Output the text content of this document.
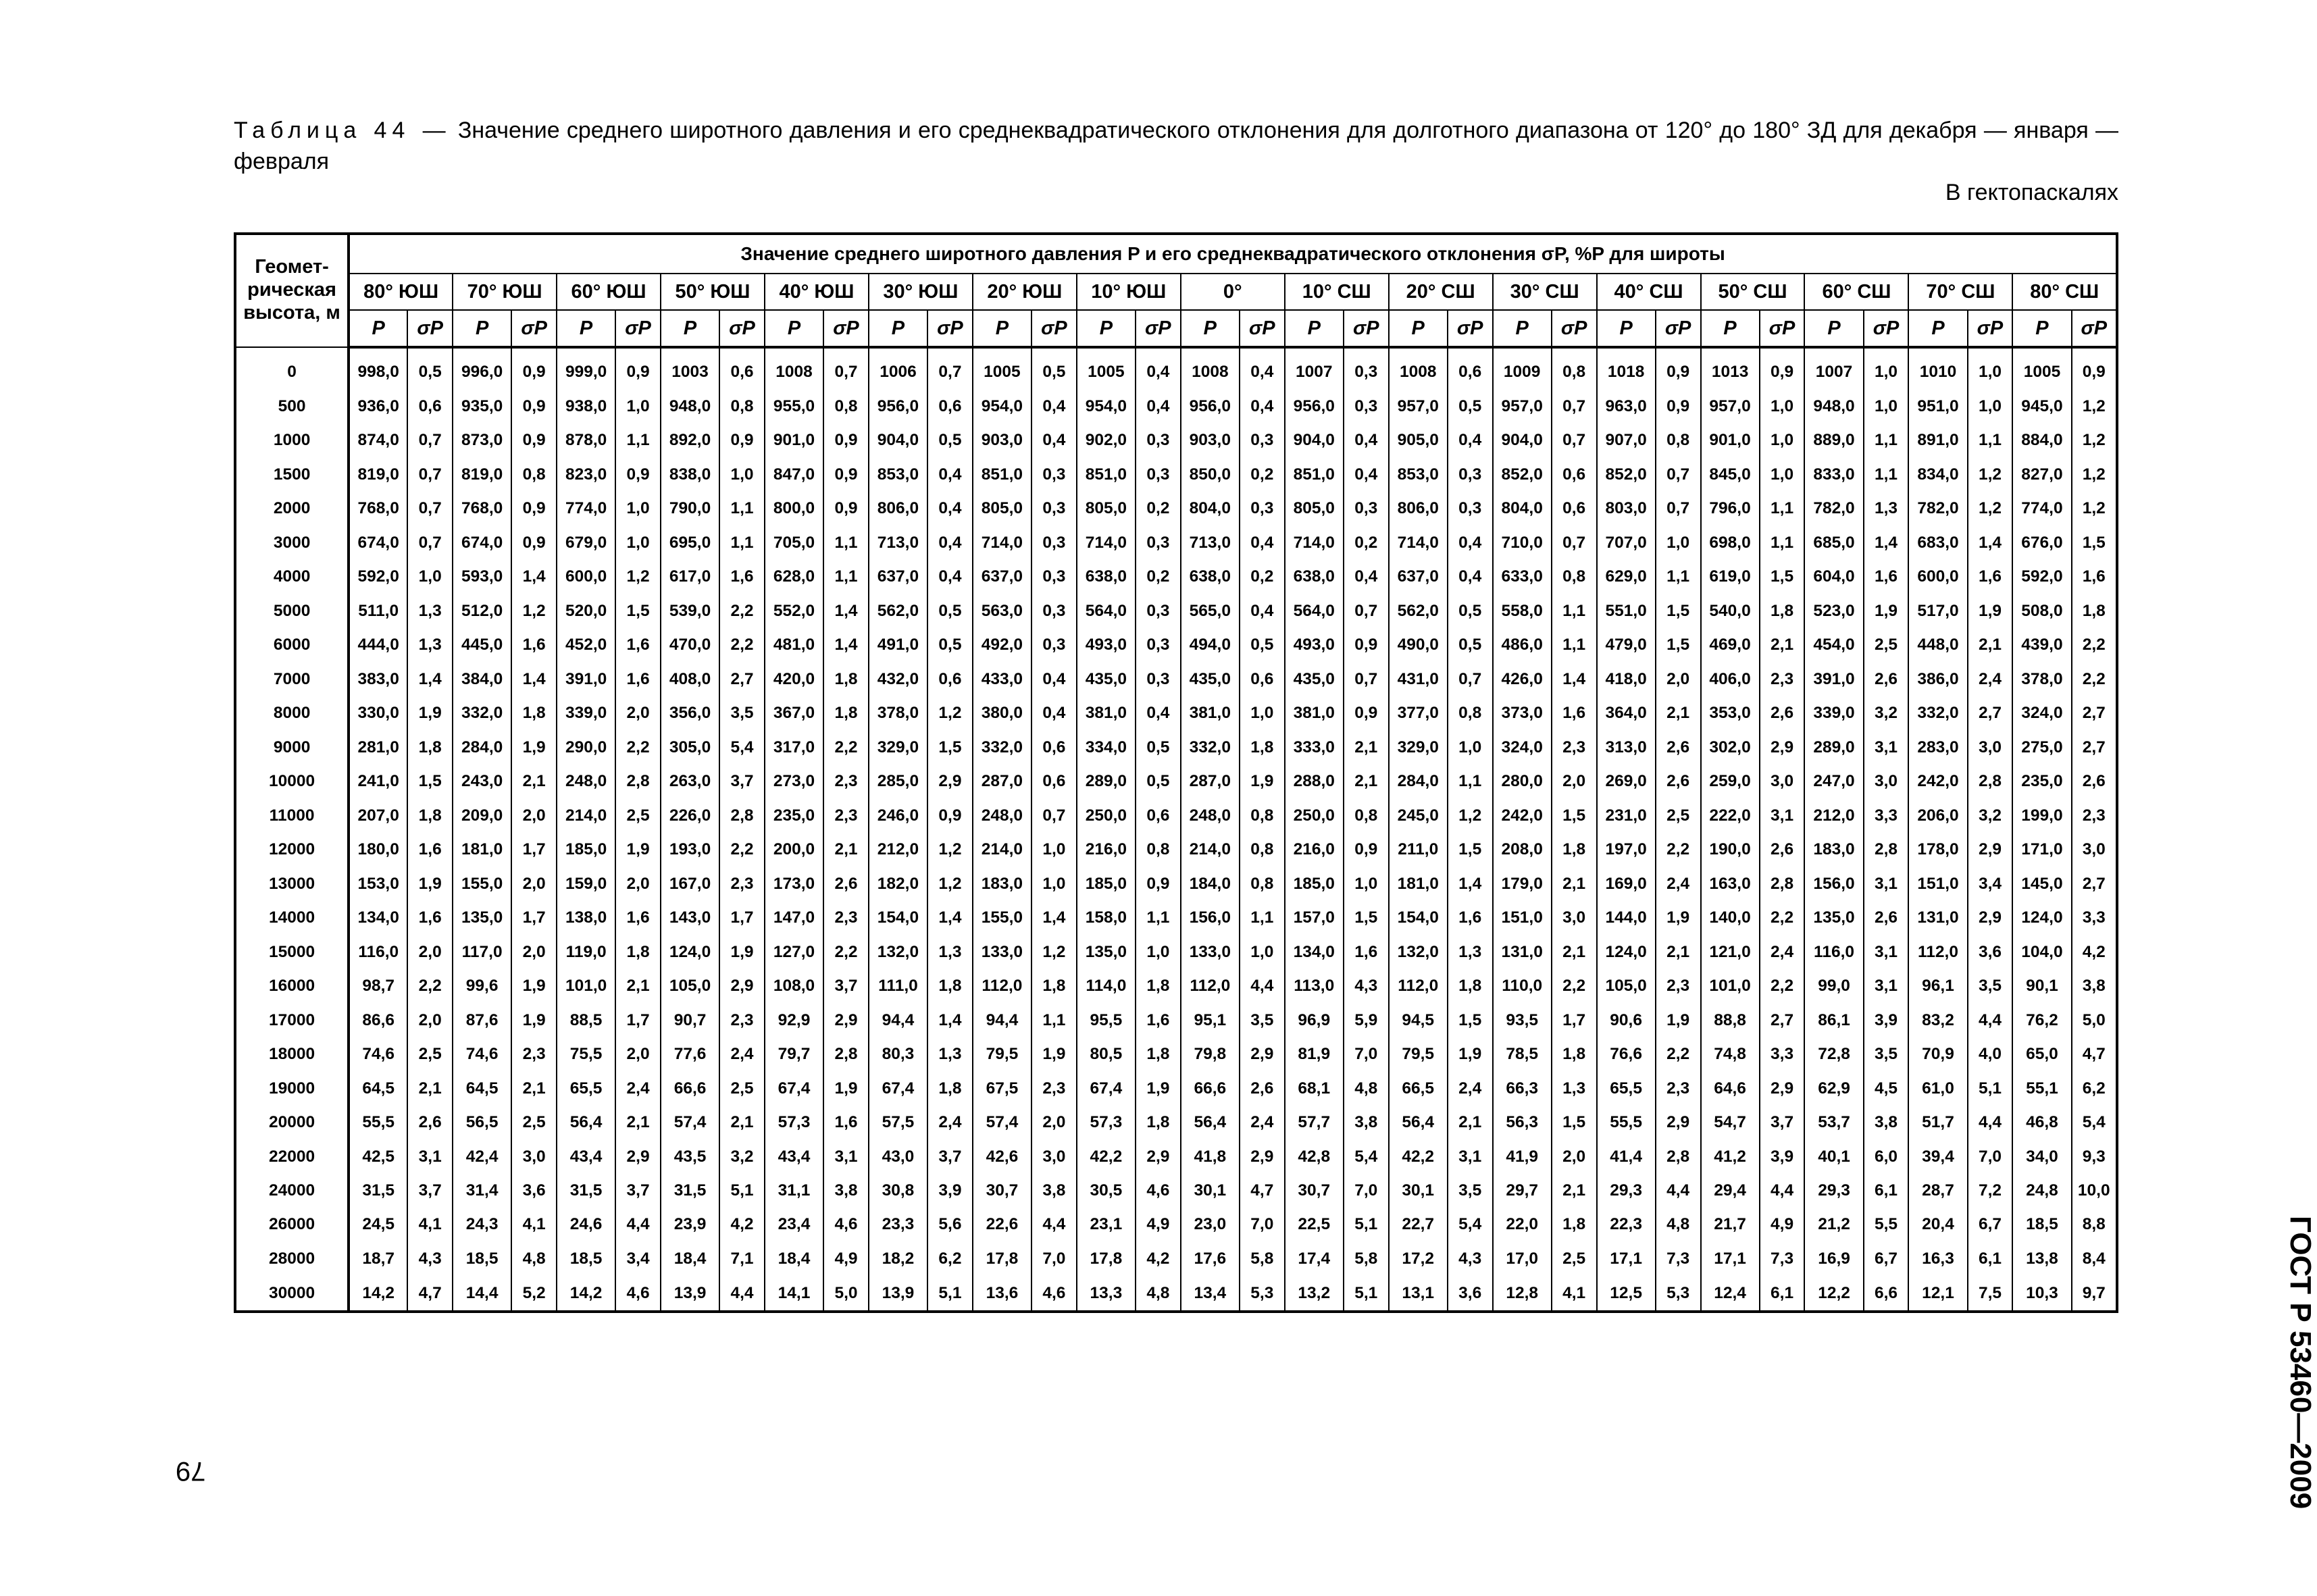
Таблица 44 — Значение среднего широтного давления и его среднеквадратического отклонения для долготного диапазона от 120° до 180° ЗД для декабря — января — февраля
В гектопаскалях
Геометрическая высота, м	Значение среднего широтного давления P и его среднеквадратического отклонения σP, %P для широты																																	
	80° ЮШ		70° ЮШ		60° ЮШ		50° ЮШ		40° ЮШ		30° ЮШ		20° ЮШ		10° ЮШ		0°		10° СШ		20° СШ		30° СШ		40° СШ		50° СШ		60° СШ		70° СШ		80° СШ	
	P	σP	P	σP	P	σP	P	σP	P	σP	P	σP	P	σP	P	σP	P	σP	P	σP	P	σP	P	σP	P	σP	P	σP	P	σP	P	σP	P	σP
0	998,0	0,5	996,0	0,9	999,0	0,9	1003	0,6	1008	0,7	1006	0,7	1005	0,5	1005	0,4	1008	0,4	1007	0,3	1008	0,6	1009	0,8	1018	0,9	1013	0,9	1007	1,0	1010	1,0	1005	0,9
500	936,0	0,6	935,0	0,9	938,0	1,0	948,0	0,8	955,0	0,8	956,0	0,6	954,0	0,4	954,0	0,4	956,0	0,4	956,0	0,3	957,0	0,5	957,0	0,7	963,0	0,9	957,0	1,0	948,0	1,0	951,0	1,0	945,0	1,2
1000	874,0	0,7	873,0	0,9	878,0	1,1	892,0	0,9	901,0	0,9	904,0	0,5	903,0	0,4	902,0	0,3	903,0	0,3	904,0	0,4	905,0	0,4	904,0	0,7	907,0	0,8	901,0	1,0	889,0	1,1	891,0	1,1	884,0	1,2
1500	819,0	0,7	819,0	0,8	823,0	0,9	838,0	1,0	847,0	0,9	853,0	0,4	851,0	0,3	851,0	0,3	850,0	0,2	851,0	0,4	853,0	0,3	852,0	0,6	852,0	0,7	845,0	1,0	833,0	1,1	834,0	1,2	827,0	1,2
2000	768,0	0,7	768,0	0,9	774,0	1,0	790,0	1,1	800,0	0,9	806,0	0,4	805,0	0,3	805,0	0,2	804,0	0,3	805,0	0,3	806,0	0,3	804,0	0,6	803,0	0,7	796,0	1,1	782,0	1,3	782,0	1,2	774,0	1,2
3000	674,0	0,7	674,0	0,9	679,0	1,0	695,0	1,1	705,0	1,1	713,0	0,4	714,0	0,3	714,0	0,3	713,0	0,4	714,0	0,2	714,0	0,4	710,0	0,7	707,0	1,0	698,0	1,1	685,0	1,4	683,0	1,4	676,0	1,5
4000	592,0	1,0	593,0	1,4	600,0	1,2	617,0	1,6	628,0	1,1	637,0	0,4	637,0	0,3	638,0	0,2	638,0	0,2	638,0	0,4	637,0	0,4	633,0	0,8	629,0	1,1	619,0	1,5	604,0	1,6	600,0	1,6	592,0	1,6
5000	511,0	1,3	512,0	1,2	520,0	1,5	539,0	2,2	552,0	1,4	562,0	0,5	563,0	0,3	564,0	0,3	565,0	0,4	564,0	0,7	562,0	0,5	558,0	1,1	551,0	1,5	540,0	1,8	523,0	1,9	517,0	1,9	508,0	1,8
6000	444,0	1,3	445,0	1,6	452,0	1,6	470,0	2,2	481,0	1,4	491,0	0,5	492,0	0,3	493,0	0,3	494,0	0,5	493,0	0,9	490,0	0,5	486,0	1,1	479,0	1,5	469,0	2,1	454,0	2,5	448,0	2,1	439,0	2,2
7000	383,0	1,4	384,0	1,4	391,0	1,6	408,0	2,7	420,0	1,8	432,0	0,6	433,0	0,4	435,0	0,3	435,0	0,6	435,0	0,7	431,0	0,7	426,0	1,4	418,0	2,0	406,0	2,3	391,0	2,6	386,0	2,4	378,0	2,2
8000	330,0	1,9	332,0	1,8	339,0	2,0	356,0	3,5	367,0	1,8	378,0	1,2	380,0	0,4	381,0	0,4	381,0	1,0	381,0	0,9	377,0	0,8	373,0	1,6	364,0	2,1	353,0	2,6	339,0	3,2	332,0	2,7	324,0	2,7
9000	281,0	1,8	284,0	1,9	290,0	2,2	305,0	5,4	317,0	2,2	329,0	1,5	332,0	0,6	334,0	0,5	332,0	1,8	333,0	2,1	329,0	1,0	324,0	2,3	313,0	2,6	302,0	2,9	289,0	3,1	283,0	3,0	275,0	2,7
10000	241,0	1,5	243,0	2,1	248,0	2,8	263,0	3,7	273,0	2,3	285,0	2,9	287,0	0,6	289,0	0,5	287,0	1,9	288,0	2,1	284,0	1,1	280,0	2,0	269,0	2,6	259,0	3,0	247,0	3,0	242,0	2,8	235,0	2,6
11000	207,0	1,8	209,0	2,0	214,0	2,5	226,0	2,8	235,0	2,3	246,0	0,9	248,0	0,7	250,0	0,6	248,0	0,8	250,0	0,8	245,0	1,2	242,0	1,5	231,0	2,5	222,0	3,1	212,0	3,3	206,0	3,2	199,0	2,3
12000	180,0	1,6	181,0	1,7	185,0	1,9	193,0	2,2	200,0	2,1	212,0	1,2	214,0	1,0	216,0	0,8	214,0	0,8	216,0	0,9	211,0	1,5	208,0	1,8	197,0	2,2	190,0	2,6	183,0	2,8	178,0	2,9	171,0	3,0
13000	153,0	1,9	155,0	2,0	159,0	2,0	167,0	2,3	173,0	2,6	182,0	1,2	183,0	1,0	185,0	0,9	184,0	0,8	185,0	1,0	181,0	1,4	179,0	2,1	169,0	2,4	163,0	2,8	156,0	3,1	151,0	3,4	145,0	2,7
14000	134,0	1,6	135,0	1,7	138,0	1,6	143,0	1,7	147,0	2,3	154,0	1,4	155,0	1,4	158,0	1,1	156,0	1,1	157,0	1,5	154,0	1,6	151,0	3,0	144,0	1,9	140,0	2,2	135,0	2,6	131,0	2,9	124,0	3,3
15000	116,0	2,0	117,0	2,0	119,0	1,8	124,0	1,9	127,0	2,2	132,0	1,3	133,0	1,2	135,0	1,0	133,0	1,0	134,0	1,6	132,0	1,3	131,0	2,1	124,0	2,1	121,0	2,4	116,0	3,1	112,0	3,6	104,0	4,2
16000	98,7	2,2	99,6	1,9	101,0	2,1	105,0	2,9	108,0	3,7	111,0	1,8	112,0	1,8	114,0	1,8	112,0	4,4	113,0	4,3	112,0	1,8	110,0	2,2	105,0	2,3	101,0	2,2	99,0	3,1	96,1	3,5	90,1	3,8
17000	86,6	2,0	87,6	1,9	88,5	1,7	90,7	2,3	92,9	2,9	94,4	1,4	94,4	1,1	95,5	1,6	95,1	3,5	96,9	5,9	94,5	1,5	93,5	1,7	90,6	1,9	88,8	2,7	86,1	3,9	83,2	4,4	76,2	5,0
18000	74,6	2,5	74,6	2,3	75,5	2,0	77,6	2,4	79,7	2,8	80,3	1,3	79,5	1,9	80,5	1,8	79,8	2,9	81,9	7,0	79,5	1,9	78,5	1,8	76,6	2,2	74,8	3,3	72,8	3,5	70,9	4,0	65,0	4,7
19000	64,5	2,1	64,5	2,1	65,5	2,4	66,6	2,5	67,4	1,9	67,4	1,8	67,5	2,3	67,4	1,9	66,6	2,6	68,1	4,8	66,5	2,4	66,3	1,3	65,5	2,3	64,6	2,9	62,9	4,5	61,0	5,1	55,1	6,2
20000	55,5	2,6	56,5	2,5	56,4	2,1	57,4	2,1	57,3	1,6	57,5	2,4	57,4	2,0	57,3	1,8	56,4	2,4	57,7	3,8	56,4	2,1	56,3	1,5	55,5	2,9	54,7	3,7	53,7	3,8	51,7	4,4	46,8	5,4
22000	42,5	3,1	42,4	3,0	43,4	2,9	43,5	3,2	43,4	3,1	43,0	3,7	42,6	3,0	42,2	2,9	41,8	2,9	42,8	5,4	42,2	3,1	41,9	2,0	41,4	2,8	41,2	3,9	40,1	6,0	39,4	7,0	34,0	9,3
24000	31,5	3,7	31,4	3,6	31,5	3,7	31,5	5,1	31,1	3,8	30,8	3,9	30,7	3,8	30,5	4,6	30,1	4,7	30,7	7,0	30,1	3,5	29,7	2,1	29,3	4,4	29,4	4,4	29,3	6,1	28,7	7,2	24,8	10,0
26000	24,5	4,1	24,3	4,1	24,6	4,4	23,9	4,2	23,4	4,6	23,3	5,6	22,6	4,4	23,1	4,9	23,0	7,0	22,5	5,1	22,7	5,4	22,0	1,8	22,3	4,8	21,7	4,9	21,2	5,5	20,4	6,7	18,5	8,8
28000	18,7	4,3	18,5	4,8	18,5	3,4	18,4	7,1	18,4	4,9	18,2	6,2	17,8	7,0	17,8	4,2	17,6	5,8	17,4	5,8	17,2	4,3	17,0	2,5	17,1	7,3	17,1	7,3	16,9	6,7	16,3	6,1	13,8	8,4
30000	14,2	4,7	14,4	5,2	14,2	4,6	13,9	4,4	14,1	5,0	13,9	5,1	13,6	4,6	13,3	4,8	13,4	5,3	13,2	5,1	13,1	3,6	12,8	4,1	12,5	5,3	12,4	6,1	12,2	6,6	12,1	7,5	10,3	9,7
79	ГОСТ Р 53460—2009
